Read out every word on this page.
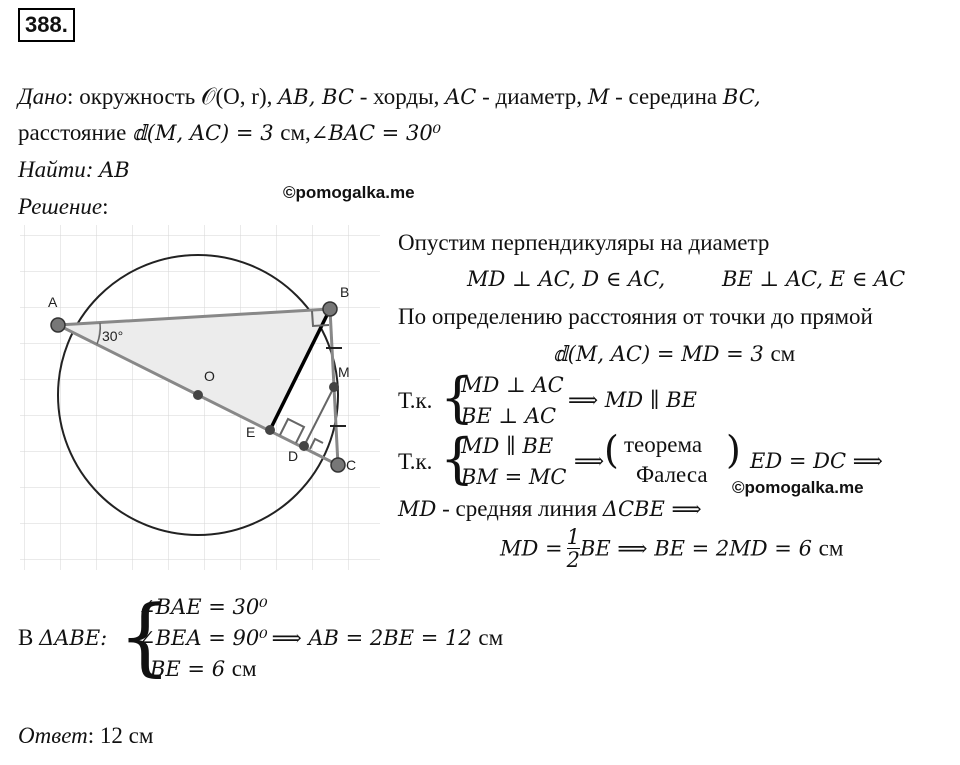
388.
Дано: окружность 𝒪(O, r), AB, BC - хорды, AC - диаметр, M - середина BC,
расстояние 𝕕(M, AC) = 3 см,∠BAC = 30⁰
Найти: AB
Решение:
©pomogalka.me
30°
A
B
C
O
E
D
M
Опустим перпендикуляры на диаметр
MD ⊥ AC, D ∈ AC,	BE ⊥ AC, E ∈ AC
По определению расстояния от точки до прямой
𝕕(M, AC) = MD = 3 см
Т.к. {
MD ⊥ AC
BE ⊥ AC
⟹ MD ∥ BE
Т.к. {
MD ∥ BE
BM = MC
⟹ ( теорема
Фалеса
) ED = DC ⟹
©pomogalka.me
MD - средняя линия ΔCBE ⟹
MD = $\frac{1}{2}$ BE ⟹ BE = 2MD = 6 см
В ΔABE: {
∠BAE = 30⁰
∠BEA = 90⁰ ⟹ AB = 2BE = 12 см
BE = 6 см
Ответ: 12 см
